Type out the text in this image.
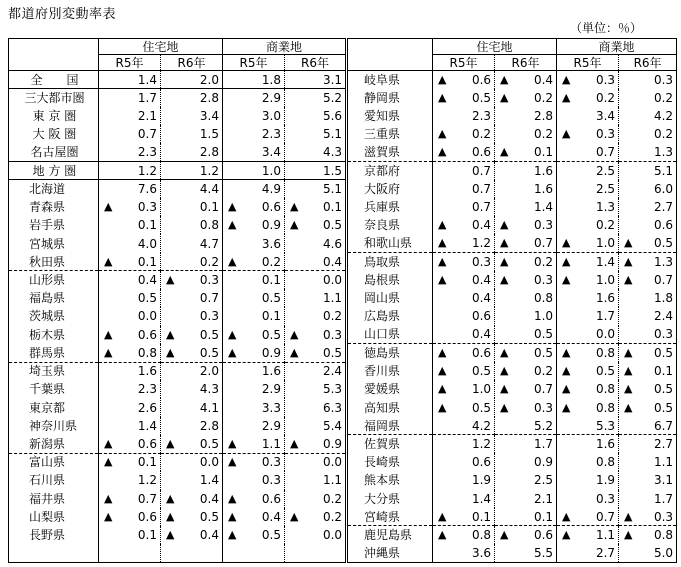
都道府別変動率表
（単位：％）
	住宅地		商業地			住宅地		商業地	
	R5年	R6年	R5年	R6年		R5年	R6年	R5年	R6年
全　　国	1.4	2.0	1.8	3.1	岐阜県	▲ 0.6	▲ 0.4	▲ 0.3	0.3
三大都市圏	1.7	2.8	2.9	5.2	静岡県	▲ 0.5	▲ 0.2	▲ 0.2	0.2
東 京 圏	2.1	3.4	3.0	5.6	愛知県	2.3	2.8	3.4	4.2
大 阪 圏	0.7	1.5	2.3	5.1	三重県	▲ 0.2	0.2	▲ 0.3	0.2
名古屋圏	2.3	2.8	3.4	4.3	滋賀県	▲ 0.6	▲ 0.1	0.7	1.3
地 方 圏	1.2	1.2	1.0	1.5	京都府	0.7	1.6	2.5	5.1
北海道	7.6	4.4	4.9	5.1	大阪府	0.7	1.6	2.5	6.0
青森県	▲ 0.3	0.1	▲ 0.6	▲ 0.1	兵庫県	0.7	1.4	1.3	2.7
岩手県	0.1	0.8	▲ 0.9	▲ 0.5	奈良県	▲ 0.4	▲ 0.3	0.2	0.6
宮城県	4.0	4.7	3.6	4.6	和歌山県	▲ 1.2	▲ 0.7	▲ 1.0	▲ 0.5
秋田県	▲ 0.1	0.2	▲ 0.2	0.4	鳥取県	▲ 0.3	▲ 0.2	▲ 1.4	▲ 1.3
山形県	0.4	▲ 0.3	0.1	0.0	島根県	▲ 0.4	▲ 0.3	▲ 1.0	▲ 0.7
福島県	0.5	0.7	0.5	1.1	岡山県	0.4	0.8	1.6	1.8
茨城県	0.0	0.3	0.1	0.2	広島県	0.6	1.0	1.7	2.4
栃木県	▲ 0.6	▲ 0.5	▲ 0.5	▲ 0.3	山口県	0.4	0.5	0.0	0.3
群馬県	▲ 0.8	▲ 0.5	▲ 0.9	▲ 0.5	徳島県	▲ 0.6	▲ 0.5	▲ 0.8	▲ 0.5
埼玉県	1.6	2.0	1.6	2.4	香川県	▲ 0.5	▲ 0.2	▲ 0.5	▲ 0.1
千葉県	2.3	4.3	2.9	5.3	愛媛県	▲ 1.0	▲ 0.7	▲ 0.8	▲ 0.5
東京都	2.6	4.1	3.3	6.3	高知県	▲ 0.5	▲ 0.3	▲ 0.8	▲ 0.5
神奈川県	1.4	2.8	2.9	5.4	福岡県	4.2	5.2	5.3	6.7
新潟県	▲ 0.6	▲ 0.5	▲ 1.1	▲ 0.9	佐賀県	1.2	1.7	1.6	2.7
富山県	▲ 0.1	0.0	▲ 0.3	0.0	長崎県	0.6	0.9	0.8	1.1
石川県	1.2	1.4	0.3	1.1	熊本県	1.9	2.5	1.9	3.1
福井県	▲ 0.7	▲ 0.4	▲ 0.6	0.2	大分県	1.4	2.1	0.3	1.7
山梨県	▲ 0.6	▲ 0.5	▲ 0.4	▲ 0.2	宮崎県	▲ 0.1	0.1	▲ 0.7	▲ 0.3
長野県	0.1	▲ 0.4	▲ 0.5	0.0	鹿児島県	▲ 0.8	▲ 0.6	▲ 1.1	▲ 0.8
					沖縄県	3.6	5.5	2.7	5.0
